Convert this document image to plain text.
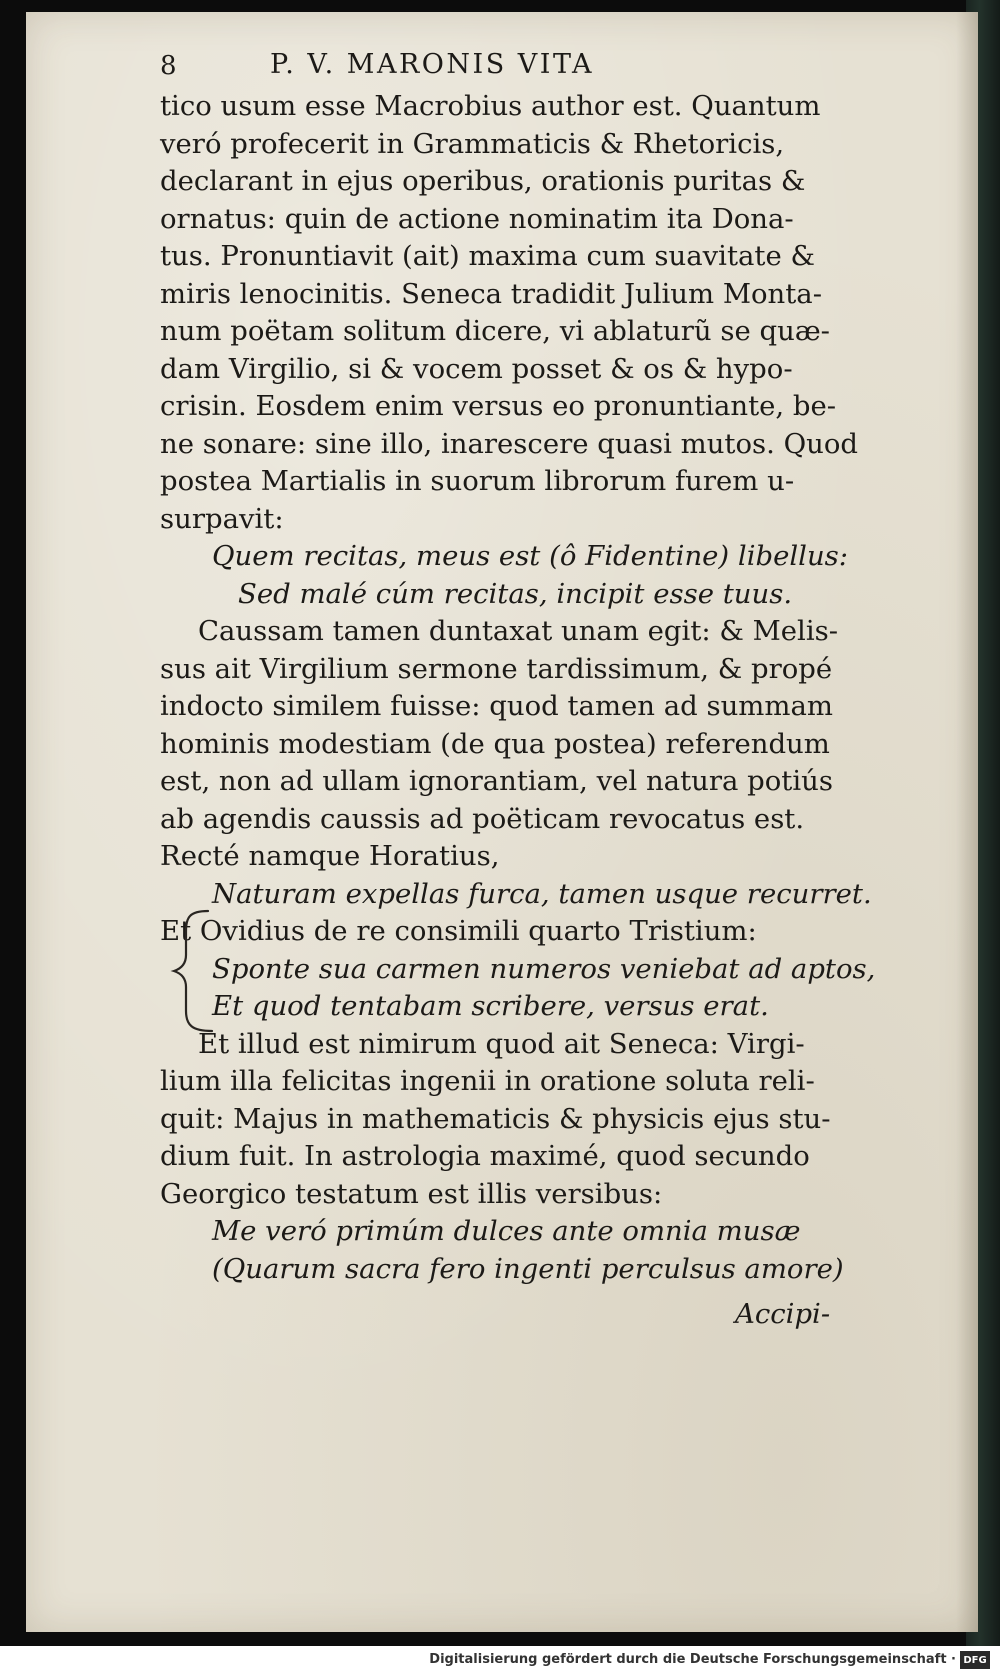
8	P. V. MARONIS VITA
tico usum esse Macrobius author est. Quantum
veró profecerit in Grammaticis & Rhetoricis,
declarant in ejus operibus, orationis puritas &
ornatus: quin de actione nominatim ita Dona-
tus. Pronuntiavit (ait) maxima cum suavitate &
miris lenocinitis. Seneca tradidit Julium Monta-
num poëtam solitum dicere, vi ablaturũ se quæ-
dam Virgilio, si & vocem posset & os & hypo-
crisin. Eosdem enim versus eo pronuntiante, be-
ne sonare: sine illo, inarescere quasi mutos. Quod
postea Martialis in suorum librorum furem u-
surpavit:
Quem recitas, meus est (ô Fidentine) libellus:
Sed malé cúm recitas, incipit esse tuus.
Caussam tamen duntaxat unam egit: & Melis-
sus ait Virgilium sermone tardissimum, & propé
indocto similem fuisse: quod tamen ad summam
hominis modestiam (de qua postea) referendum
est, non ad ullam ignorantiam, vel natura potiús
ab agendis caussis ad poëticam revocatus est.
Recté namque Horatius,
Naturam expellas furca, tamen usque recurret.
Et Ovidius de re consimili quarto Tristium:
Sponte sua carmen numeros veniebat ad aptos,
Et quod tentabam scribere, versus erat.
Et illud est nimirum quod ait Seneca: Virgi-
lium illa felicitas ingenii in oratione soluta reli-
quit: Majus in mathematicis & physicis ejus stu-
dium fuit. In astrologia maximé, quod secundo
Georgico testatum est illis versibus:
Me veró primúm dulces ante omnia musæ
(Quarum sacra fero ingenti perculsus amore)
Accipi-
Digitalisierung gefördert durch die Deutsche Forschungsgemeinschaft · DFG
